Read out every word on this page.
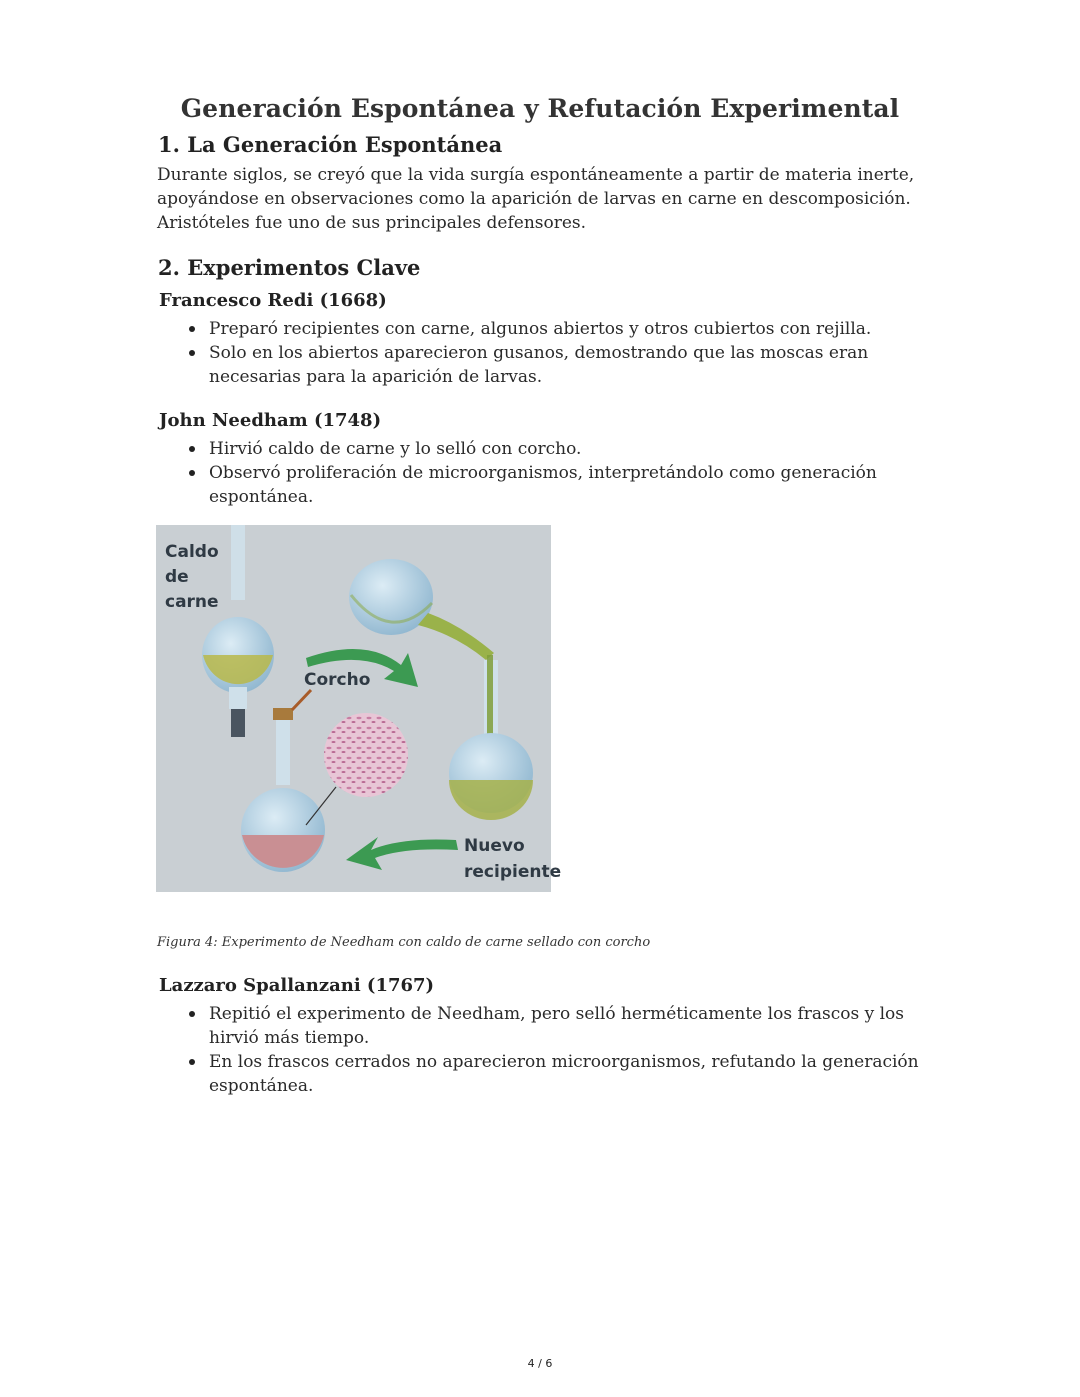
Generación Espontánea y Refutación Experimental
1. La Generación Espontánea

Durante siglos, se creyó que la vida surgía espontáneamente a partir de materia inerte, apoyándose en observaciones como la aparición de larvas en carne en descomposición. Aristóteles fue uno de sus principales defensores.

2. Experimentos Clave
Francesco Redi (1668)
Preparó recipientes con carne, algunos abiertos y otros cubiertos con rejilla.
Solo en los abiertos aparecieron gusanos, demostrando que las moscas eran necesarias para la aparición de larvas.
John Needham (1748)
Hirvió caldo de carne y lo selló con corcho.
Observó proliferación de microorganismos, interpretándolo como generación espontánea.
Caldo
de
carne
Corcho
Nuevo
recipiente

Figura 4: Experimento de Needham con caldo de carne sellado con corcho

Lazzaro Spallanzani (1767)
Repitió el experimento de Needham, pero selló herméticamente los frascos y los hirvió más tiempo.
En los frascos cerrados no aparecieron microorganismos, refutando la generación espontánea.
4 / 6
